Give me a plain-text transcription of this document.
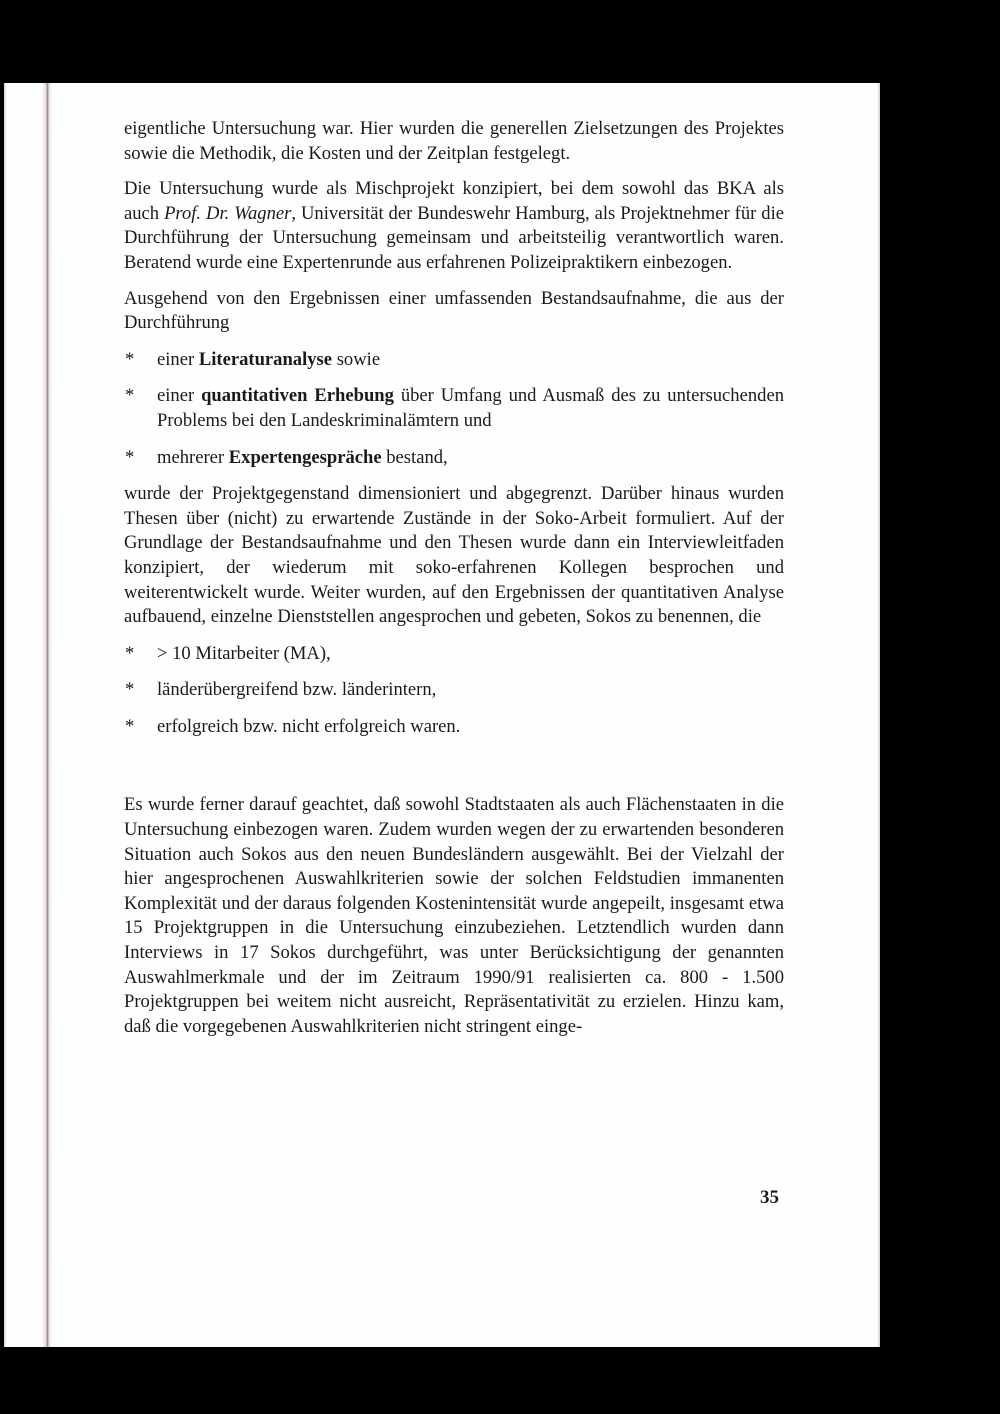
eigentliche Untersuchung war. Hier wurden die generellen Zielsetzungen des Projektes sowie die Methodik, die Kosten und der Zeitplan festgelegt.

Die Untersuchung wurde als Mischprojekt konzipiert, bei dem sowohl das BKA als auch Prof. Dr. Wagner, Universität der Bundeswehr Hamburg, als Projektnehmer für die Durchführung der Untersuchung gemeinsam und arbeitsteilig verantwortlich waren. Beratend wurde eine Expertenrunde aus erfahrenen Polizeipraktikern einbezogen.

Ausgehend von den Ergebnissen einer umfassenden Bestandsaufnahme, die aus der Durchführung

* einer Literaturanalyse sowie
* einer quantitativen Erhebung über Umfang und Ausmaß des zu untersuchenden Problems bei den Landeskriminalämtern und
* mehrerer Expertengespräche bestand,

wurde der Projektgegenstand dimensioniert und abgegrenzt. Darüber hinaus wurden Thesen über (nicht) zu erwartende Zustände in der Soko-Arbeit formuliert. Auf der Grundlage der Bestandsaufnahme und den Thesen wurde dann ein Interviewleitfaden konzipiert, der wiederum mit soko-erfahrenen Kollegen besprochen und weiterentwickelt wurde. Weiter wurden, auf den Ergebnissen der quantitativen Analyse aufbauend, einzelne Dienststellen angesprochen und gebeten, Sokos zu benennen, die

* > 10 Mitarbeiter (MA),
* länderübergreifend bzw. länderintern,
* erfolgreich bzw. nicht erfolgreich waren.

Es wurde ferner darauf geachtet, daß sowohl Stadtstaaten als auch Flächenstaaten in die Untersuchung einbezogen waren. Zudem wurden wegen der zu erwartenden besonderen Situation auch Sokos aus den neuen Bundesländern ausgewählt. Bei der Vielzahl der hier angesprochenen Auswahlkriterien sowie der solchen Feldstudien immanenten Komplexität und der daraus folgenden Kostenintensität wurde angepeilt, insgesamt etwa 15 Projektgruppen in die Untersuchung einzubeziehen. Letztendlich wurden dann Interviews in 17 Sokos durchgeführt, was unter Berücksichtigung der genannten Auswahlmerkmale und der im Zeitraum 1990/91 realisierten ca. 800 - 1.500 Projektgruppen bei weitem nicht ausreicht, Repräsentativität zu erzielen. Hinzu kam, daß die vorgegebenen Auswahlkriterien nicht stringent einge-

35
